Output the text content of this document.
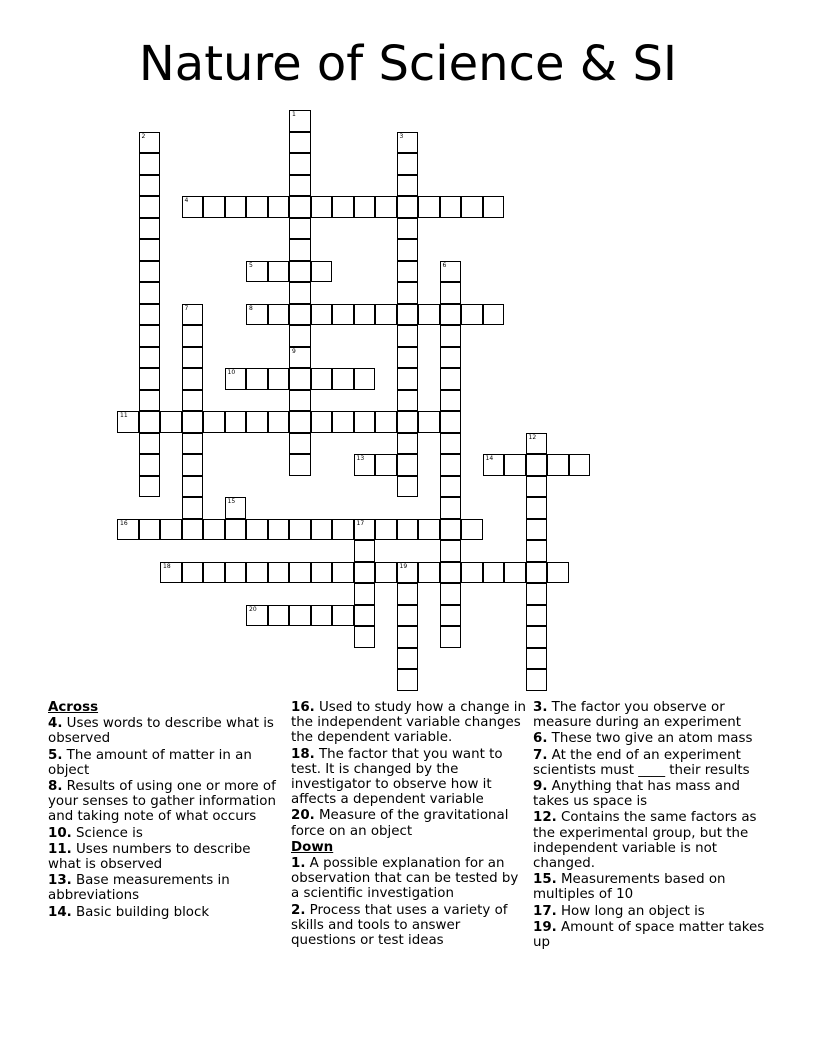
Nature of Science & SI
1
9
2	3
4
5	6
7	8
10
11
12
13	14
15
16	17
18	19
20
Across
4. Uses words to describe what is observed
5. The amount of matter in an object
8. Results of using one or more of your senses to gather information and taking note of what occurs
10. Science is
11. Uses numbers to describe what is observed
13. Base measurements in abbreviations
14. Basic building block
16. Used to study how a change in the independent variable changes the dependent variable.
18. The factor that you want to test. It is changed by the investigator to observe how it affects a dependent variable
20. Measure of the gravitational force on an object
Down
1. A possible explanation for an observation that can be tested by a scientific investigation
2. Process that uses a variety of skills and tools to answer questions or test ideas
3. The factor you observe or measure during an experiment
6. These two give an atom mass
7. At the end of an experiment scientists must ____ their results
9. Anything that has mass and takes us space is
12. Contains the same factors as the experimental group, but the independent variable is not changed.
15. Measurements based on multiples of 10
17. How long an object is
19. Amount of space matter takes up
